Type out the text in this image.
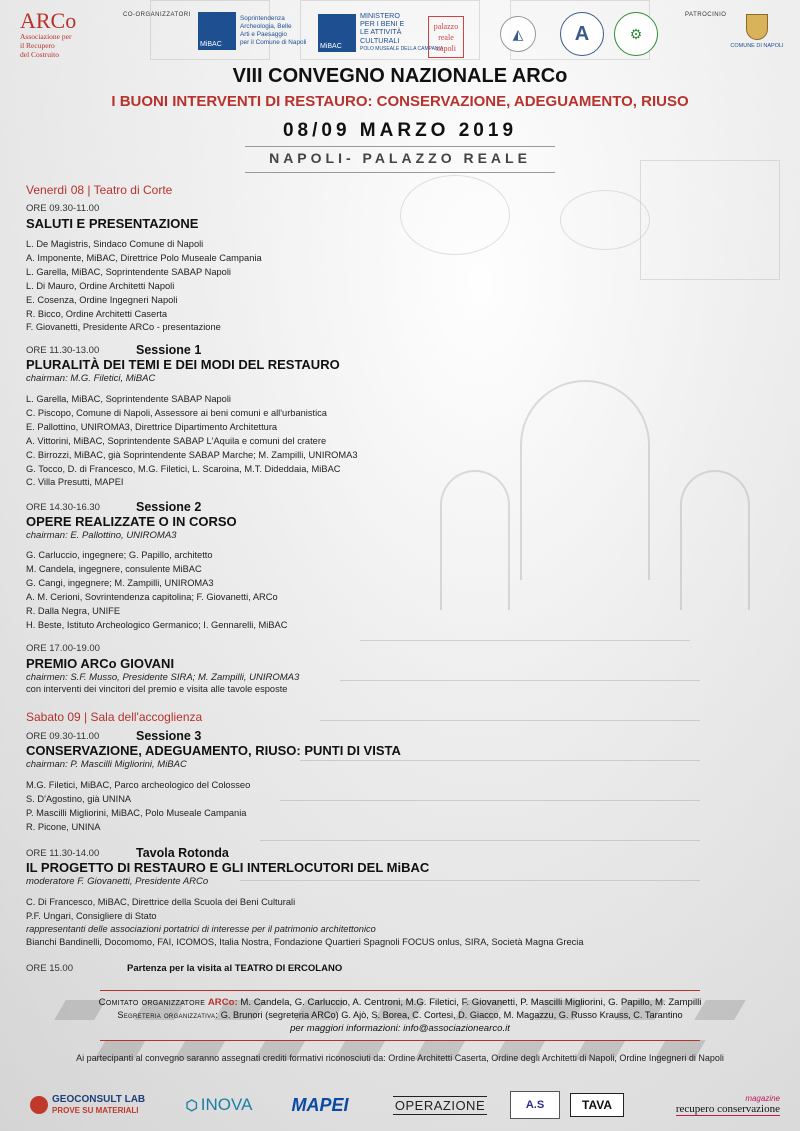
ARCo
Associazione per
il Recupero
del Costruito
CO-ORGANIZZATORI	PATROCINIO
MiBAC
Soprintendenza
Archeologia, Belle
Arti e Paesaggio
per il Comune di Napoli MiBAC
MINISTERO
PER I BENI E
LE ATTIVITÀ
CULTURALI
POLO MUSEALE DELLA CAMPANIA
palazzo
reale
napoli
◭	A	⚙
COMUNE DI NAPOLI
VIII CONVEGNO NAZIONALE ARCo
I BUONI INTERVENTI DI RESTAURO: CONSERVAZIONE, ADEGUAMENTO, RIUSO
08/09 MARZO 2019
NAPOLI- PALAZZO REALE
Venerdì 08 | Teatro di Corte
ORE 09.30-11.00
SALUTI E PRESENTAZIONE
L. De Magistris, Sindaco Comune di Napoli
A. Imponente, MiBAC, Direttrice Polo Museale Campania
L. Garella, MiBAC, Soprintendente SABAP Napoli
L. Di Mauro, Ordine Architetti Napoli
E. Cosenza, Ordine Ingegneri Napoli
R. Bicco, Ordine Architetti Caserta
F. Giovanetti, Presidente ARCo - presentazione
ORE 11.30-13.00	Sessione 1
PLURALITÀ DEI TEMI E DEI MODI DEL RESTAURO
chairman: M.G. Filetici, MiBAC
L. Garella, MiBAC, Soprintendente SABAP Napoli
C. Piscopo, Comune di Napoli, Assessore ai beni comuni e all'urbanistica
E. Pallottino, UNIROMA3, Direttrice Dipartimento Architettura
A. Vittorini, MiBAC, Soprintendente SABAP L'Aquila e comuni del cratere
C. Birrozzi, MiBAC, già Soprintendente SABAP Marche; M. Zampilli, UNIROMA3
G. Tocco, D. di Francesco, M.G. Filetici, L. Scaroina, M.T. Dideddaia, MiBAC
C. Villa Presutti, MAPEI
ORE 14.30-16.30	Sessione 2
OPERE REALIZZATE O IN CORSO
chairman: E. Pallottino, UNIROMA3
G. Carluccio, ingegnere; G. Papillo, architetto
M. Candela, ingegnere, consulente MiBAC
G. Cangi, ingegnere; M. Zampilli, UNIROMA3
A. M. Cerioni, Sovrintendenza capitolina; F. Giovanetti, ARCo
R. Dalla Negra, UNIFE
H. Beste, Istituto Archeologico Germanico; I. Gennarelli, MiBAC
ORE 17.00-19.00
PREMIO ARCo GIOVANI
chairmen: S.F. Musso, Presidente SIRA; M. Zampilli, UNIROMA3
con interventi dei vincitori del premio e visita alle tavole esposte
Sabato 09 | Sala dell'accoglienza
ORE 09.30-11.00	Sessione 3
CONSERVAZIONE, ADEGUAMENTO, RIUSO: PUNTI DI VISTA
chairman: P. Mascilli Migliorini, MiBAC
M.G. Filetici, MiBAC, Parco archeologico del Colosseo
S. D'Agostino, già UNINA
P. Mascilli Migliorini, MiBAC, Polo Museale Campania
R. Picone, UNINA
ORE 11.30-14.00	Tavola Rotonda
IL PROGETTO DI RESTAURO E GLI INTERLOCUTORI DEL MiBAC
moderatore F. Giovanetti, Presidente ARCo
C. Di Francesco, MiBAC, Direttrice della Scuola dei Beni Culturali
P.F. Ungari, Consigliere di Stato
rappresentanti delle associazioni portatrici di interesse per il patrimonio architettonico
Bianchi Bandinelli, Docomomo, FAI, ICOMOS, Italia Nostra, Fondazione Quartieri Spagnoli FOCUS onlus, SIRA, Società Magna Grecia
ORE 15.00	Partenza per la visita al TEATRO DI ERCOLANO
Comitato organizzatore ARCo: M. Candela, G. Carluccio, A. Centroni, M.G. Filetici, F. Giovanetti, P. Mascilli Migliorini, G. Papillo, M. Zampilli
Segreteria organizzativa: G. Brunori (segreteria ARCo) G. Ajò, S. Borea, C. Cortesi, D. Giacco, M. Magazzu, G. Russo Krauss, C. Tarantino
per maggiori informazioni: info@associazionearco.it
Ai partecipanti al convegno saranno assegnati crediti formativi riconosciuti da: Ordine Architetti Caserta, Ordine degli Architetti di Napoli, Ordine Ingegneri di Napoli
GEOCONSULT LAB
PROVE SU MATERIALI	⬡ INOVA MAPEI	OPERAZIONE	A.S	TAVA	magazine
recupero conservazione
